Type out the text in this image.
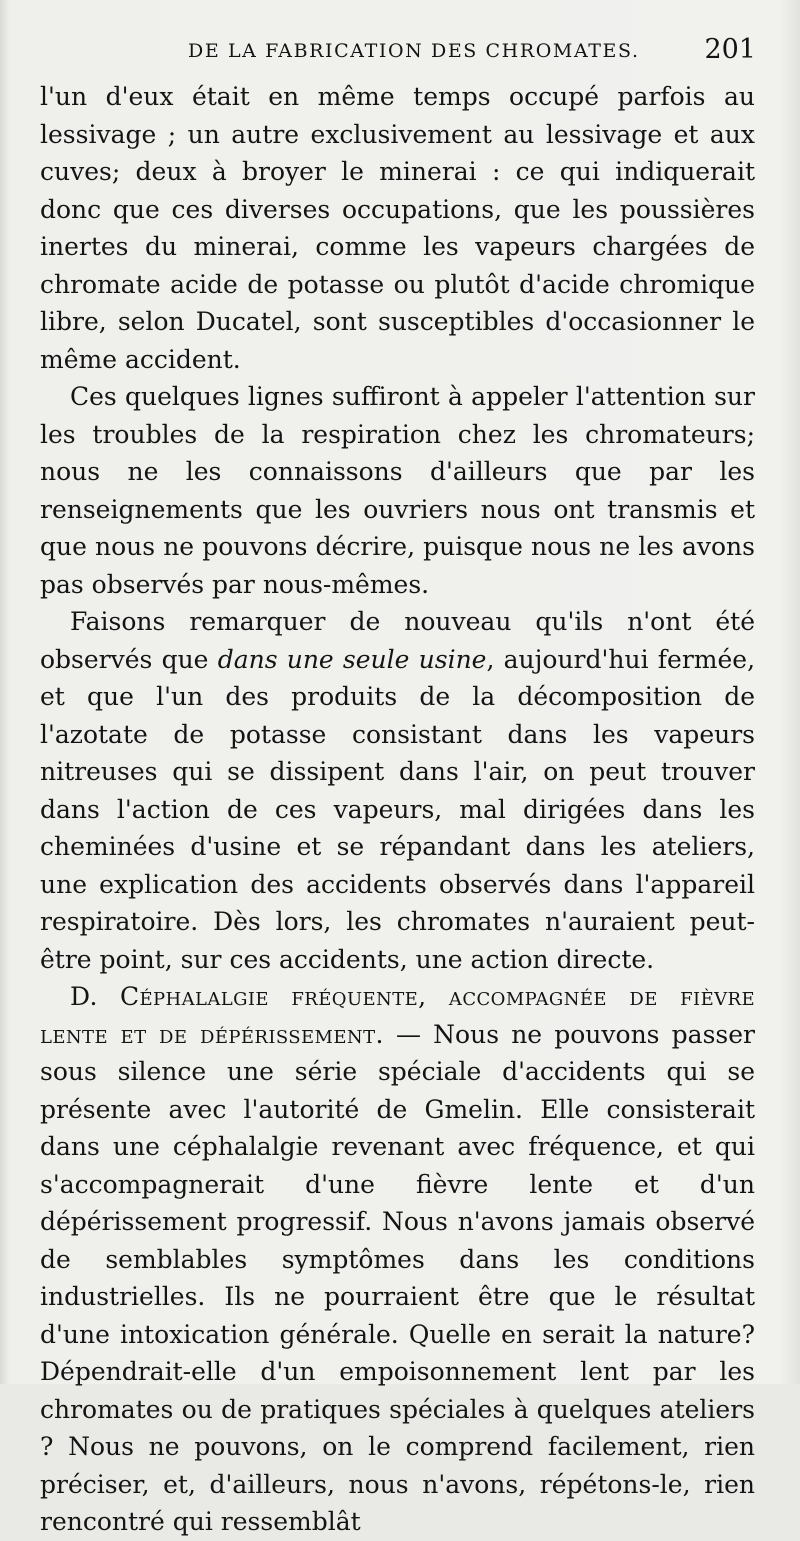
DE LA FABRICATION DES CHROMATES. 201

l'un d'eux était en même temps occupé parfois au lessivage ; un autre exclusivement au lessivage et aux cuves; deux à broyer le minerai : ce qui indiquerait donc que ces diverses occupations, que les poussières inertes du minerai, comme les vapeurs chargées de chromate acide de potasse ou plutôt d'acide chromique libre, selon Ducatel, sont susceptibles d'occasionner le même accident.

Ces quelques lignes suffiront à appeler l'attention sur les troubles de la respiration chez les chromateurs; nous ne les connaissons d'ailleurs que par les renseignements que les ouvriers nous ont transmis et que nous ne pouvons décrire, puisque nous ne les avons pas observés par nous-mêmes.

Faisons remarquer de nouveau qu'ils n'ont été observés que dans une seule usine, aujourd'hui fermée, et que l'un des produits de la décomposition de l'azotate de potasse consistant dans les vapeurs nitreuses qui se dissipent dans l'air, on peut trouver dans l'action de ces vapeurs, mal dirigées dans les cheminées d'usine et se répandant dans les ateliers, une explication des accidents observés dans l'appareil respiratoire. Dès lors, les chromates n'auraient peut-être point, sur ces accidents, une action directe.

D. Céphalalgie fréquente, accompagnée de fièvre lente et de dépérissement. — Nous ne pouvons passer sous silence une série spéciale d'accidents qui se présente avec l'autorité de Gmelin. Elle consisterait dans une céphalalgie revenant avec fréquence, et qui s'accompagnerait d'une fièvre lente et d'un dépérissement progressif. Nous n'avons jamais observé de semblables symptômes dans les conditions industrielles. Ils ne pourraient être que le résultat d'une intoxication générale. Quelle en serait la nature? Dépendrait-elle d'un empoisonnement lent par les chromates ou de pratiques spéciales à quelques ateliers ? Nous ne pouvons, on le comprend facilement, rien préciser, et, d'ailleurs, nous n'avons, répétons-le, rien rencontré qui ressemblât
